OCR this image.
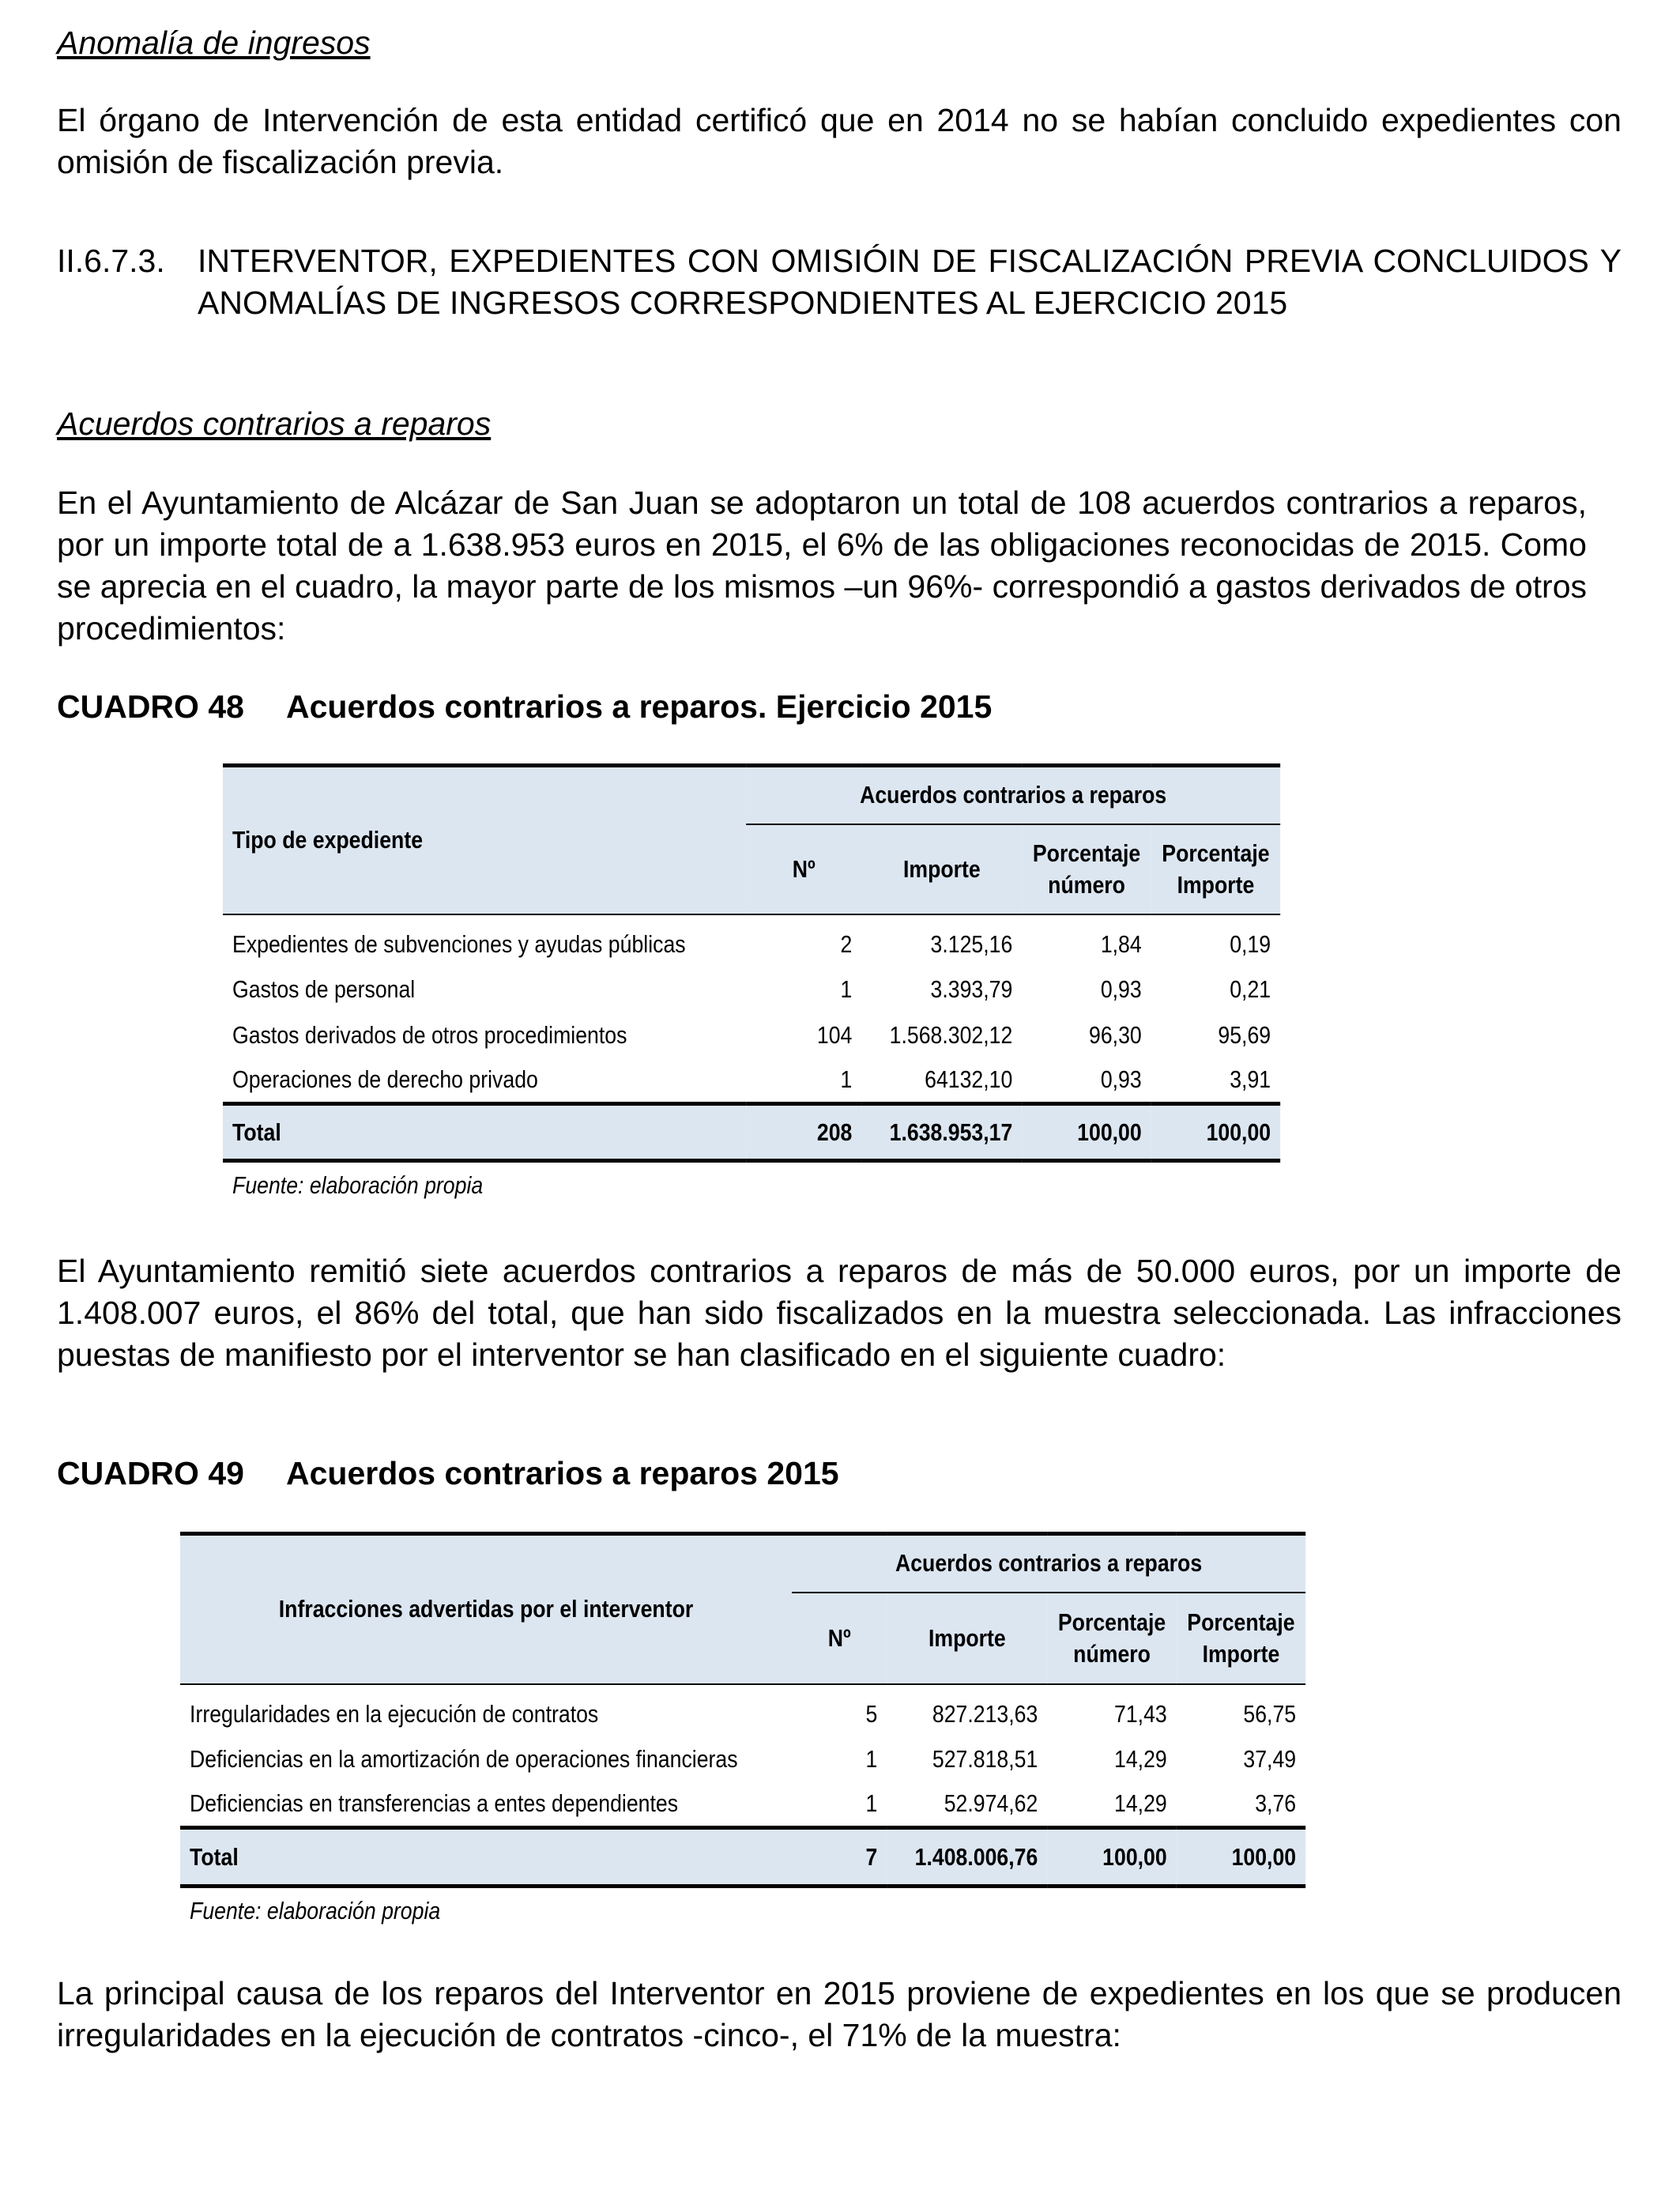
Anomalía de ingresos

El órgano de Intervención de esta entidad certificó que en 2014 no se habían concluido expedientes con omisión de fiscalización previa.

II.6.7.3.	INTERVENTOR, EXPEDIENTES CON OMISIÓIN DE FISCALIZACIÓN PREVIA CONCLUIDOS Y ANOMALÍAS DE INGRESOS CORRESPONDIENTES AL EJERCICIO 2015
Acuerdos contrarios a reparos

En el Ayuntamiento de Alcázar de San Juan se adoptaron un total de 108 acuerdos contrarios a reparos, por un importe total de a 1.638.953 euros en 2015, el 6% de las obligaciones reconocidas de 2015. Como se aprecia en el cuadro, la mayor parte de los mismos –un 96%- correspondió a gastos derivados de otros procedimientos:

CUADRO 48 Acuerdos contrarios a reparos. Ejercicio 2015
Tipo de expediente	Acuerdos contrarios a reparos			
	Nº	Importe	Porcentaje número	Porcentaje Importe
Expedientes de subvenciones y ayudas públicas	2	3.125,16	1,84	0,19
Gastos de personal	1	3.393,79	0,93	0,21
Gastos derivados de otros procedimientos	104	1.568.302,12	96,30	95,69
Operaciones de derecho privado	1	64132,10	0,93	3,91
Total	208	1.638.953,17	100,00	100,00
Fuente: elaboración propia				

El Ayuntamiento remitió siete acuerdos contrarios a reparos de más de 50.000 euros, por un importe de 1.408.007 euros, el 86% del total, que han sido fiscalizados en la muestra seleccionada. Las infracciones puestas de manifiesto por el interventor se han clasificado en el siguiente cuadro:

CUADRO 49 Acuerdos contrarios a reparos 2015
Infracciones advertidas por el interventor	Acuerdos contrarios a reparos			
	Nº	Importe	Porcentaje número	Porcentaje Importe
Irregularidades en la ejecución de contratos	5	827.213,63	71,43	56,75
Deficiencias en la amortización de operaciones financieras	1	527.818,51	14,29	37,49
Deficiencias en transferencias a entes dependientes	1	52.974,62	14,29	3,76
Total	7	1.408.006,76	100,00	100,00
Fuente: elaboración propia				

La principal causa de los reparos del Interventor en 2015 proviene de expedientes en los que se producen irregularidades en la ejecución de contratos -cinco-, el 71% de la muestra:
